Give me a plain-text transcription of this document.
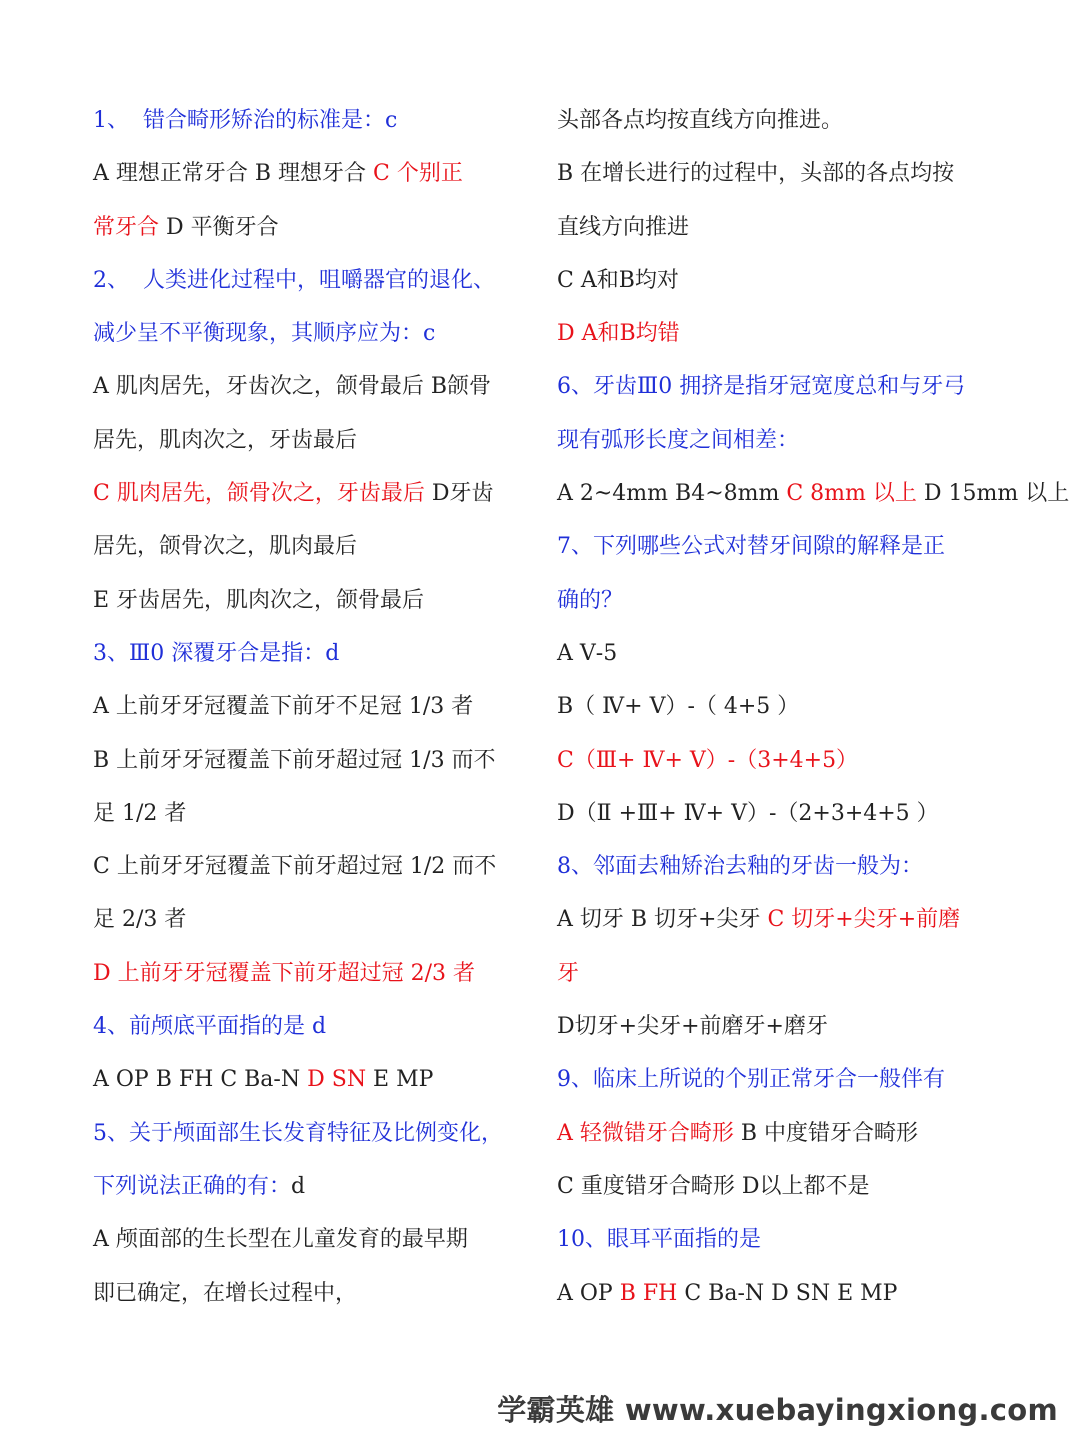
1、  错合畸形矫治的标准是：c
A 理想正常牙合 B 理想牙合 C 个别正
常牙合 D 平衡牙合
2、  人类进化过程中，咀嚼器官的退化、
减少呈不平衡现象，其顺序应为：c
A 肌肉居先，牙齿次之，颌骨最后 B颌骨
居先，肌肉次之，牙齿最后
C 肌肉居先，颌骨次之，牙齿最后 D牙齿
居先，颌骨次之，肌肉最后
E 牙齿居先，肌肉次之，颌骨最后
3、Ⅲ0 深覆牙合是指：d
A 上前牙牙冠覆盖下前牙不足冠 1/3 者
B 上前牙牙冠覆盖下前牙超过冠 1/3 而不
足 1/2 者
C 上前牙牙冠覆盖下前牙超过冠 1/2 而不
足 2/3 者
D 上前牙牙冠覆盖下前牙超过冠 2/3 者
4、前颅底平面指的是 d
A OP B FH C Ba-N D SN E MP
5、关于颅面部生长发育特征及比例变化，
下列说法正确的有：d
A 颅面部的生长型在儿童发育的最早期
即已确定，在增长过程中，
头部各点均按直线方向推进。
B 在增长进行的过程中，头部的各点均按
直线方向推进
C A和B均对
D A和B均错
6、牙齿Ⅲ0 拥挤是指牙冠宽度总和与牙弓
现有弧形长度之间相差：
A 2~4mm B4~8mm C 8mm 以上 D 15mm 以上
7、下列哪些公式对替牙间隙的解释是正
确的？
A Ⅴ-5
B（ Ⅳ+ Ⅴ）-（ 4+5 ）
C（Ⅲ+ Ⅳ+ Ⅴ）-（3+4+5）
D（Ⅱ +Ⅲ+ Ⅳ+ Ⅴ）-（2+3+4+5 ）
8、邻面去釉矫治去釉的牙齿一般为：
A 切牙 B 切牙+尖牙 C 切牙+尖牙+前磨
牙
D切牙+尖牙+前磨牙+磨牙
9、临床上所说的个别正常牙合一般伴有
A 轻微错牙合畸形 B 中度错牙合畸形
C 重度错牙合畸形 D以上都不是
10、眼耳平面指的是
A OP B FH C Ba-N D SN E MP
学霸英雄 www.xuebayingxiong.com
